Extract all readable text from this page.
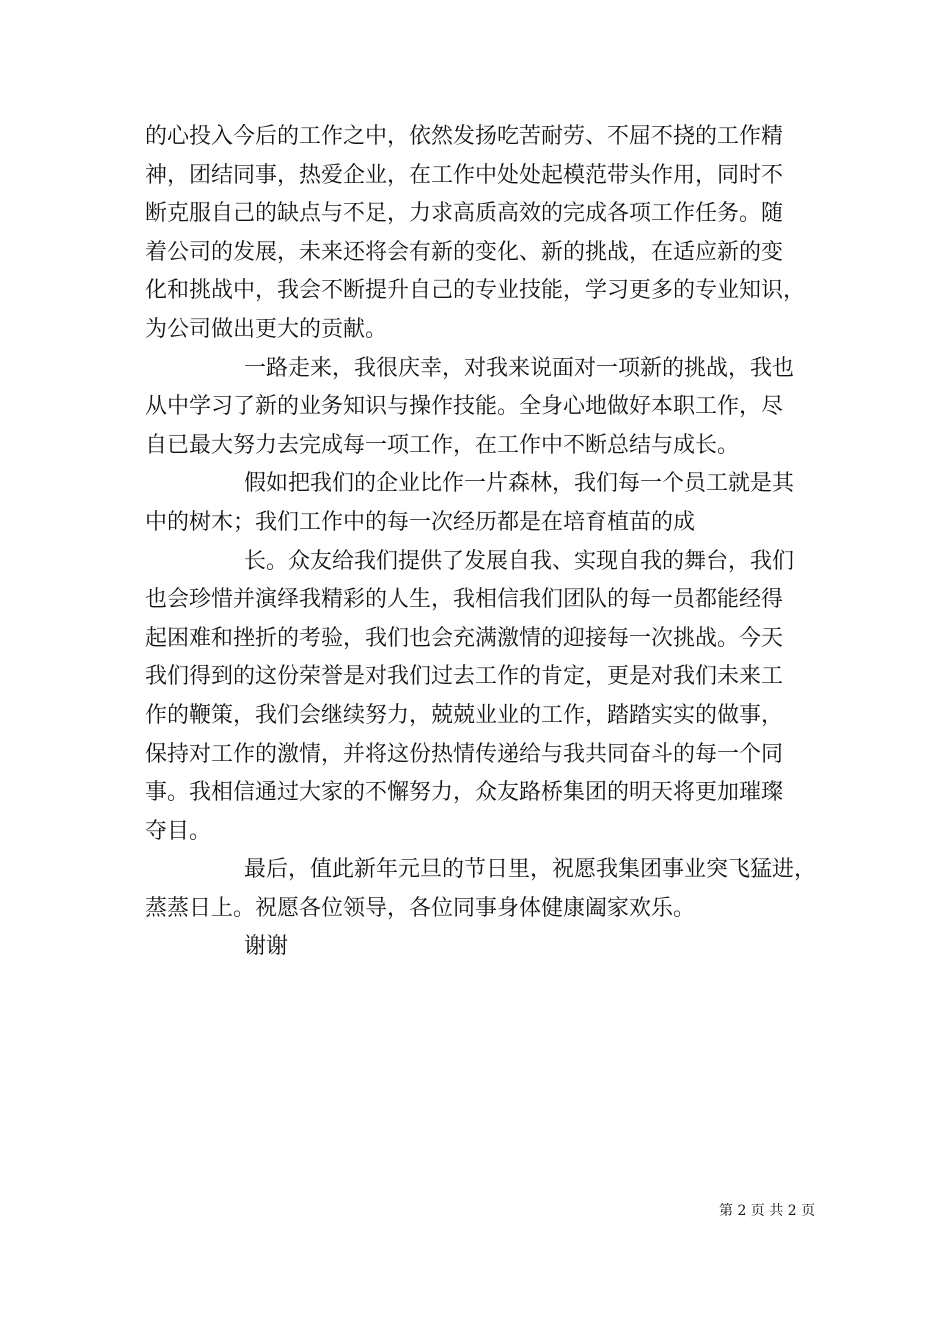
的心投入今后的工作之中，依然发扬吃苦耐劳、不屈不挠的工作精
神，团结同事，热爱企业，在工作中处处起模范带头作用，同时不
断克服自己的缺点与不足，力求高质高效的完成各项工作任务。随
着公司的发展，未来还将会有新的变化、新的挑战，在适应新的变
化和挑战中，我会不断提升自己的专业技能，学习更多的专业知识，
为公司做出更大的贡献。
一路走来，我很庆幸，对我来说面对一项新的挑战，我也
从中学习了新的业务知识与操作技能。全身心地做好本职工作，尽
自已最大努力去完成每一项工作，在工作中不断总结与成长。
假如把我们的企业比作一片森林，我们每一个员工就是其
中的树木；我们工作中的每一次经历都是在培育植苗的成
长。众友给我们提供了发展自我、实现自我的舞台，我们
也会珍惜并演绎我精彩的人生，我相信我们团队的每一员都能经得
起困难和挫折的考验，我们也会充满激情的迎接每一次挑战。今天
我们得到的这份荣誉是对我们过去工作的肯定，更是对我们未来工
作的鞭策，我们会继续努力，兢兢业业的工作，踏踏实实的做事，
保持对工作的激情，并将这份热情传递给与我共同奋斗的每一个同
事。我相信通过大家的不懈努力，众友路桥集团的明天将更加璀璨
夺目。
最后，值此新年元旦的节日里，祝愿我集团事业突飞猛进，
蒸蒸日上。祝愿各位领导，各位同事身体健康阖家欢乐。
谢谢
第 2 页 共 2 页
